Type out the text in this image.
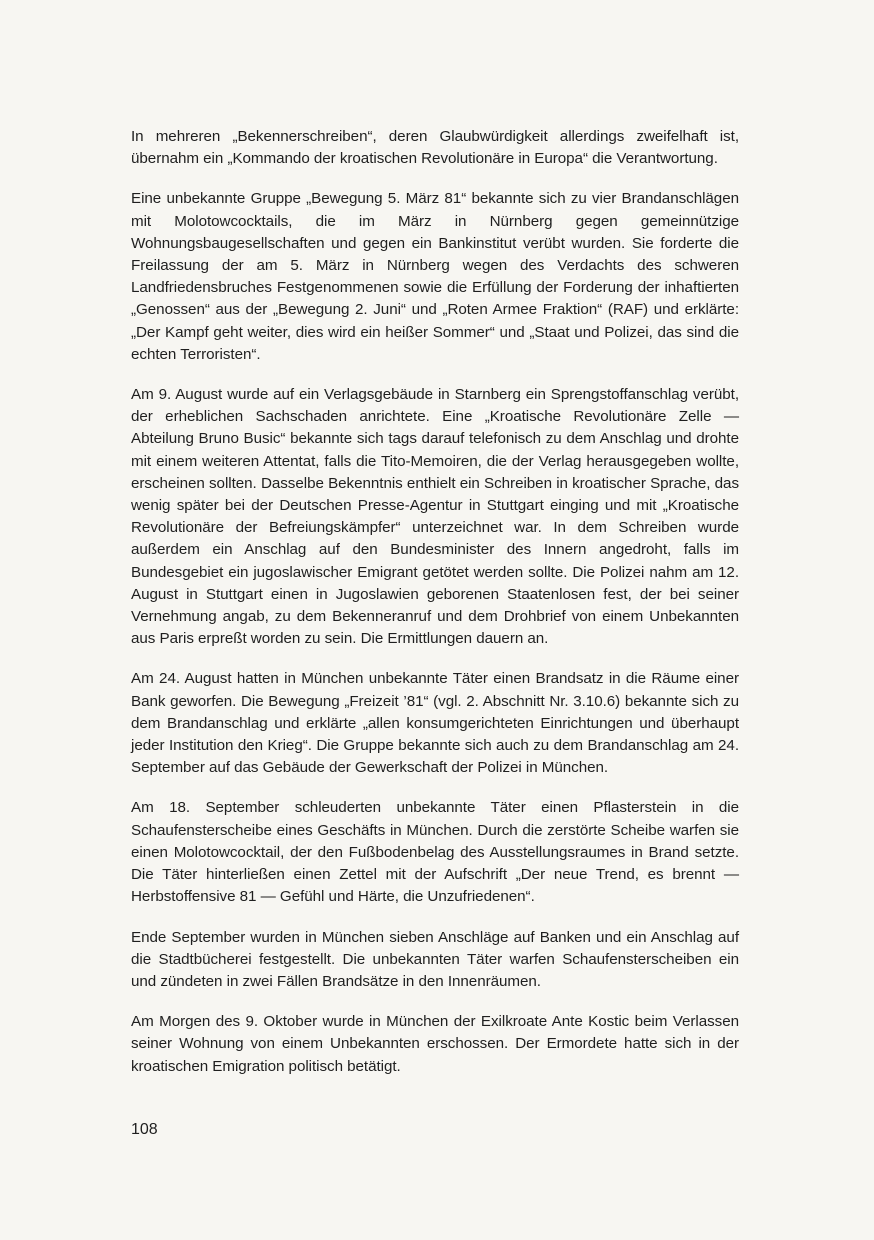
In mehreren „Bekennerschreiben“, deren Glaubwürdigkeit allerdings zweifelhaft ist, übernahm ein „Kommando der kroatischen Revolutionäre in Europa“ die Verantwortung.

Eine unbekannte Gruppe „Bewegung 5. März 81“ bekannte sich zu vier Brandanschlägen mit Molotowcocktails, die im März in Nürnberg gegen gemeinnützige Wohnungsbaugesellschaften und gegen ein Bankinstitut verübt wurden. Sie forderte die Freilassung der am 5. März in Nürnberg wegen des Verdachts des schweren Landfriedensbruches Festgenommenen sowie die Erfüllung der Forderung der inhaftierten „Genossen“ aus der „Bewegung 2. Juni“ und „Roten Armee Fraktion“ (RAF) und erklärte: „Der Kampf geht weiter, dies wird ein heißer Sommer“ und „Staat und Polizei, das sind die echten Terroristen“.

Am 9. August wurde auf ein Verlagsgebäude in Starnberg ein Sprengstoffanschlag verübt, der erheblichen Sachschaden anrichtete. Eine „Kroatische Revolutionäre Zelle — Abteilung Bruno Busic“ bekannte sich tags darauf telefonisch zu dem Anschlag und drohte mit einem weiteren Attentat, falls die Tito-Memoiren, die der Verlag herausgegeben wollte, erscheinen sollten. Dasselbe Bekenntnis enthielt ein Schreiben in kroatischer Sprache, das wenig später bei der Deutschen Presse-Agentur in Stuttgart einging und mit „Kroatische Revolutionäre der Befreiungskämpfer“ unterzeichnet war. In dem Schreiben wurde außerdem ein Anschlag auf den Bundesminister des Innern angedroht, falls im Bundesgebiet ein jugoslawischer Emigrant getötet werden sollte. Die Polizei nahm am 12. August in Stuttgart einen in Jugoslawien geborenen Staatenlosen fest, der bei seiner Vernehmung angab, zu dem Bekenneranruf und dem Drohbrief von einem Unbekannten aus Paris erpreßt worden zu sein. Die Ermittlungen dauern an.

Am 24. August hatten in München unbekannte Täter einen Brandsatz in die Räume einer Bank geworfen. Die Bewegung „Freizeit ’81“ (vgl. 2. Abschnitt Nr. 3.10.6) bekannte sich zu dem Brandanschlag und erklärte „allen konsumgerichteten Einrichtungen und überhaupt jeder Institution den Krieg“. Die Gruppe bekannte sich auch zu dem Brandanschlag am 24. September auf das Gebäude der Gewerkschaft der Polizei in München.

Am 18. September schleuderten unbekannte Täter einen Pflasterstein in die Schaufensterscheibe eines Geschäfts in München. Durch die zerstörte Scheibe warfen sie einen Molotowcocktail, der den Fußbodenbelag des Ausstellungsraumes in Brand setzte. Die Täter hinterließen einen Zettel mit der Aufschrift „Der neue Trend, es brennt — Herbstoffensive 81 — Gefühl und Härte, die Unzufriedenen“.

Ende September wurden in München sieben Anschläge auf Banken und ein Anschlag auf die Stadtbücherei festgestellt. Die unbekannten Täter warfen Schaufensterscheiben ein und zündeten in zwei Fällen Brandsätze in den Innenräumen.

Am Morgen des 9. Oktober wurde in München der Exilkroate Ante Kostic beim Verlassen seiner Wohnung von einem Unbekannten erschossen. Der Ermordete hatte sich in der kroatischen Emigration politisch betätigt.

108
